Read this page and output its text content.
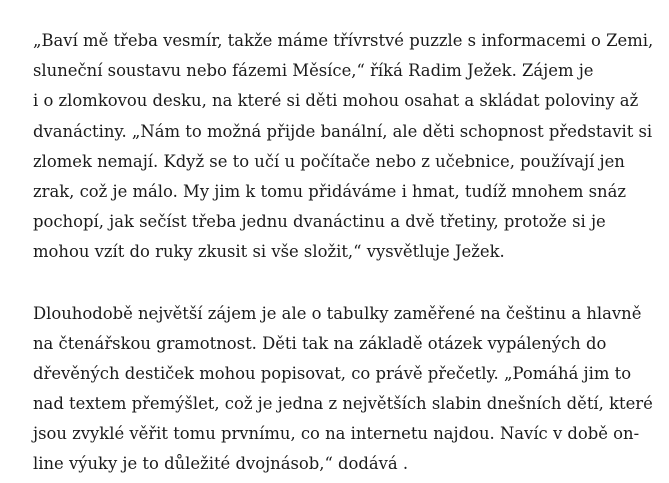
„Baví mě třeba vesmír, takže máme třívrstvé puzzle s informacemi o Zemi,
sluneční soustavu nebo fázemi Měsíce,“ říká Radim Ježek. Zájem je
i o zlomkovou desku, na které si děti mohou osahat a skládat poloviny až
dvanáctiny. „Nám to možná přijde banální, ale děti schopnost představit si
zlomek nemají. Když se to učí u počítače nebo z učebnice, používají jen
zrak, což je málo. My jim k tomu přidáváme i hmat, tudíž mnohem snáz
pochopí, jak sečíst třeba jednu dvanáctinu a dvě třetiny, protože si je
mohou vzít do ruky zkusit si vše složit,“ vysvětluje Ježek.

Dlouhodobě největší zájem je ale o tabulky zaměřené na češtinu a hlavně
na čtenářskou gramotnost. Děti tak na základě otázek vypálených do
dřevěných destiček mohou popisovat, co právě přečetly. „Pomáhá jim to
nad textem přemýšlet, což je jedna z největších slabin dnešních dětí, které
jsou zvyklé věřit tomu prvnímu, co na internetu najdou. Navíc v době on-
line výuky je to důležité dvojnásob,“ dodává .
